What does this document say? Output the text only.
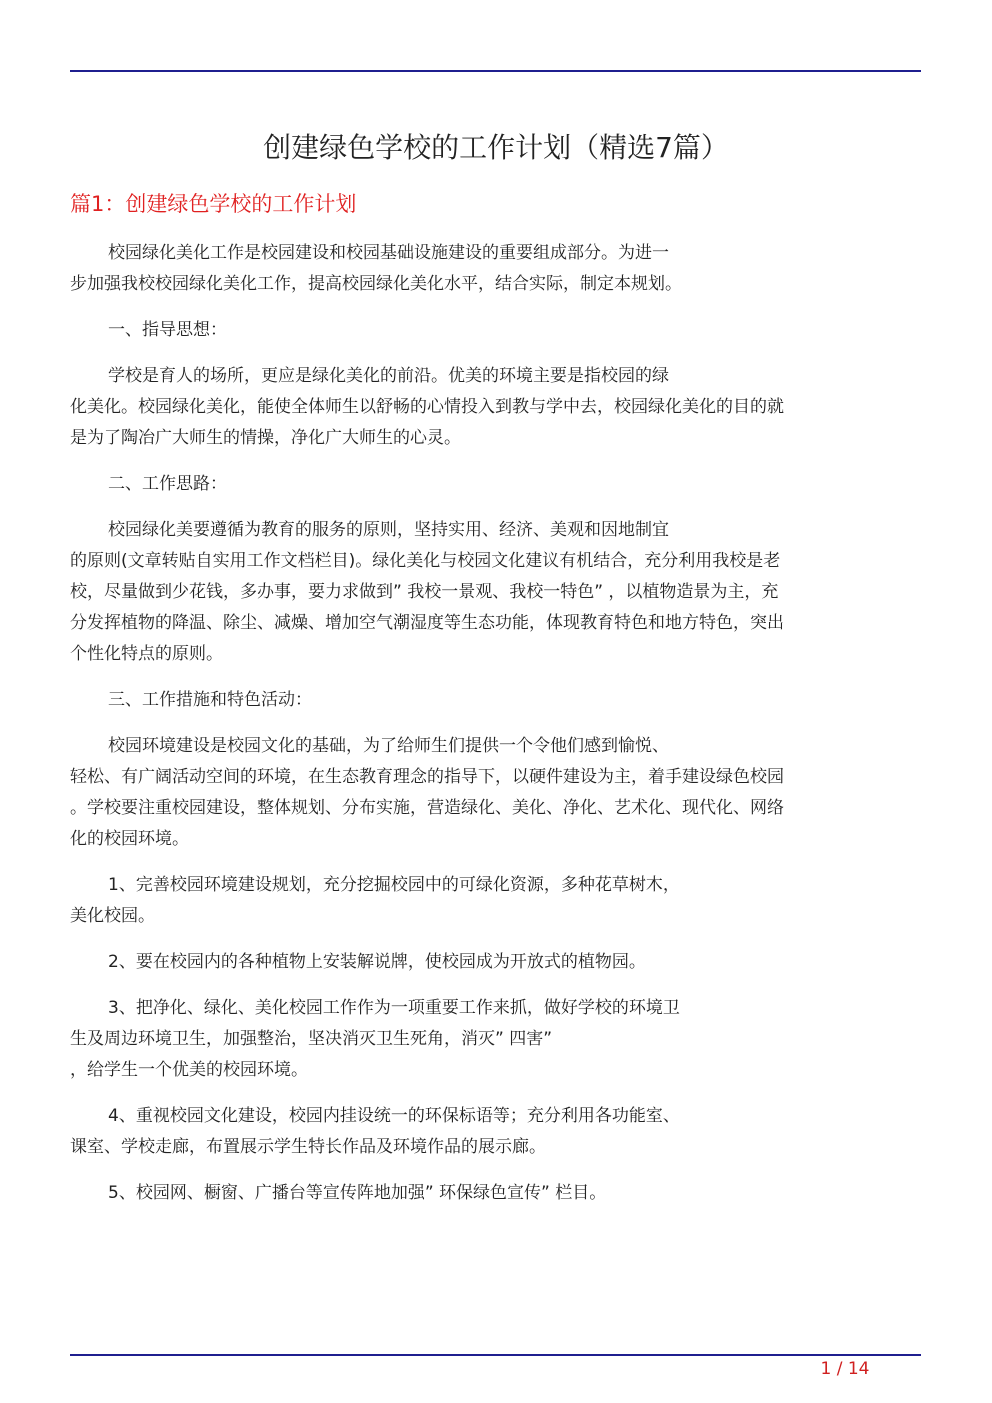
创建绿色学校的工作计划（精选7篇）
篇1：创建绿色学校的工作计划

校园绿化美化工作是校园建设和校园基础设施建设的重要组成部分。为进一
步加强我校校园绿化美化工作，提高校园绿化美化水平，结合实际，制定本规划。

一、指导思想：

学校是育人的场所，更应是绿化美化的前沿。优美的环境主要是指校园的绿
化美化。校园绿化美化，能使全体师生以舒畅的心情投入到教与学中去，校园绿化美化的目的就
是为了陶冶广大师生的情操，净化广大师生的心灵。

二、工作思路：

校园绿化美要遵循为教育的服务的原则，坚持实用、经济、美观和因地制宜
的原则(文章转贴自实用工作文档栏目)。绿化美化与校园文化建议有机结合，充分利用我校是老
校，尽量做到少花钱，多办事，要力求做到” 我校一景观、我校一特色” ，以植物造景为主，充
分发挥植物的降温、除尘、减燥、增加空气潮湿度等生态功能，体现教育特色和地方特色，突出
个性化特点的原则。

三、工作措施和特色活动：

校园环境建设是校园文化的基础，为了给师生们提供一个令他们感到愉悦、
轻松、有广阔活动空间的环境，在生态教育理念的指导下，以硬件建设为主，着手建设绿色校园
。学校要注重校园建设，整体规划、分布实施，营造绿化、美化、净化、艺术化、现代化、网络
化的校园环境。

1、完善校园环境建设规划，充分挖掘校园中的可绿化资源，多种花草树木，
美化校园。

2、要在校园内的各种植物上安装解说牌，使校园成为开放式的植物园。

3、把净化、绿化、美化校园工作作为一项重要工作来抓，做好学校的环境卫
生及周边环境卫生，加强整治，坚决消灭卫生死角，消灭” 四害”
，给学生一个优美的校园环境。

4、重视校园文化建设，校园内挂设统一的环保标语等；充分利用各功能室、
课室、学校走廊，布置展示学生特长作品及环境作品的展示廊。

5、校园网、橱窗、广播台等宣传阵地加强” 环保绿色宣传” 栏目。

1 / 14
